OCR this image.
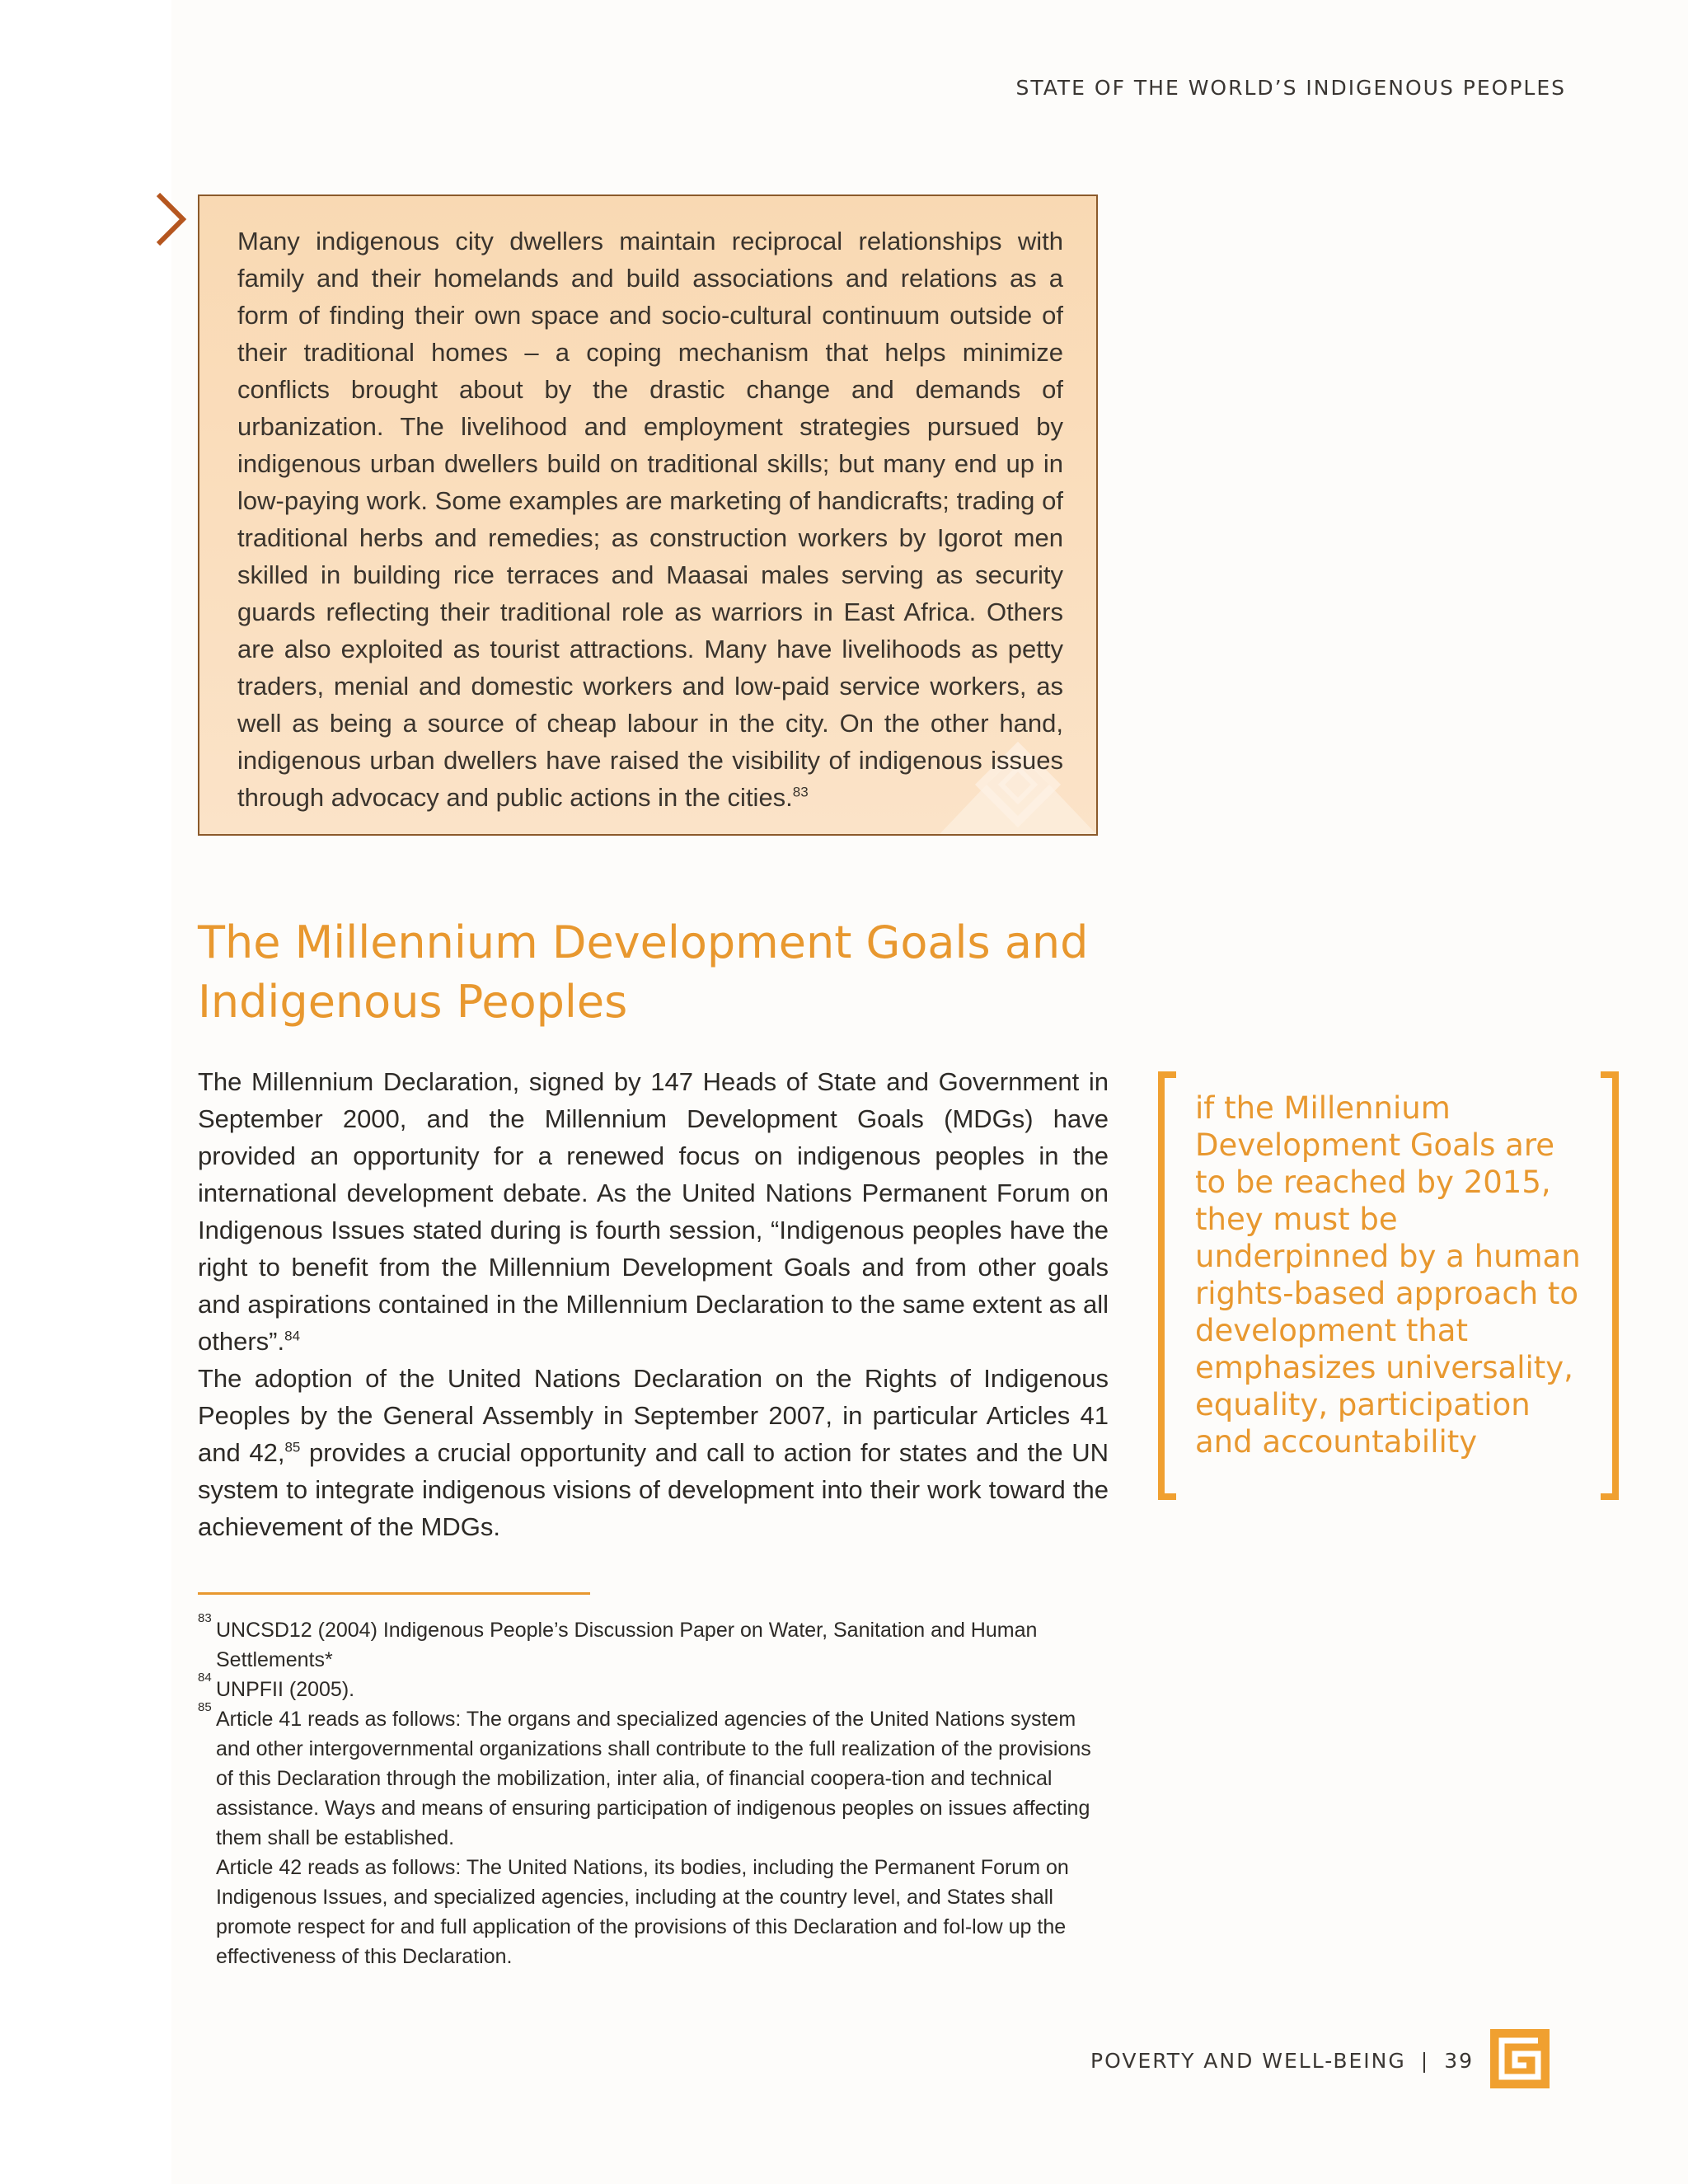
STATE OF THE WORLD’S INDIGENOUS PEOPLES

Many indigenous city dwellers maintain reciprocal relationships with family and their homelands and build associations and relations as a form of finding their own space and socio-cultural continuum outside of their traditional homes – a coping mechanism that helps minimize conflicts brought about by the drastic change and demands of urbanization. The livelihood and employment strategies pursued by indigenous urban dwellers build on traditional skills; but many end up in low-paying work. Some examples are marketing of handicrafts; trading of traditional herbs and remedies; as construction workers by Igorot men skilled in building rice terraces and Maasai males serving as security guards reflecting their traditional role as warriors in East Africa. Others are also exploited as tourist attractions. Many have livelihoods as petty traders, menial and domestic workers and low-paid service workers, as well as being a source of cheap labour in the city. On the other hand, indigenous urban dwellers have raised the visibility of indigenous issues through advocacy and public actions in the cities.$^{83}$

The Millennium Development Goals and Indigenous Peoples

The Millennium Declaration, signed by 147 Heads of State and Government in September 2000, and the Millennium Development Goals (MDGs) have provided an opportunity for a renewed focus on indigenous peoples in the international development debate. As the United Nations Permanent Forum on Indigenous Issues stated during is fourth session, “Indigenous peoples have the right to benefit from the Millennium Development Goals and from other goals and aspirations contained in the Millennium Declaration to the same extent as all others”.$^{84}$

The adoption of the United Nations Declaration on the Rights of Indigenous Peoples by the General Assembly in September 2007, in particular Articles 41 and 42,85 provides a crucial opportunity and call to action for states and the UN system to integrate indigenous visions of development into their work toward the achievement of the MDGs.

if the Millennium Development Goals are to be reached by 2015, they must be underpinned by a human rights-based approach to development that emphasizes universality, equality, participation and accountability

83
UNCSD12 (2004) Indigenous People’s Discussion Paper on Water, Sanitation and Human Settlements*

84
UNPFII (2005).

85
Article 41 reads as follows: The organs and specialized agencies of the United Nations system and other intergovernmental organizations shall contribute to the full realization of the provisions of this Declaration through the mobilization, inter alia, of financial coopera-tion and technical assistance. Ways and means of ensuring participation of indigenous peoples on issues affecting them shall be established.

Article 42 reads as follows: The United Nations, its bodies, including the Permanent Forum on Indigenous Issues, and specialized agencies, including at the country level, and States shall promote respect for and full application of the provisions of this Declaration and fol-low up the effectiveness of this Declaration.

POVERTY AND WELL-BEING | 39
